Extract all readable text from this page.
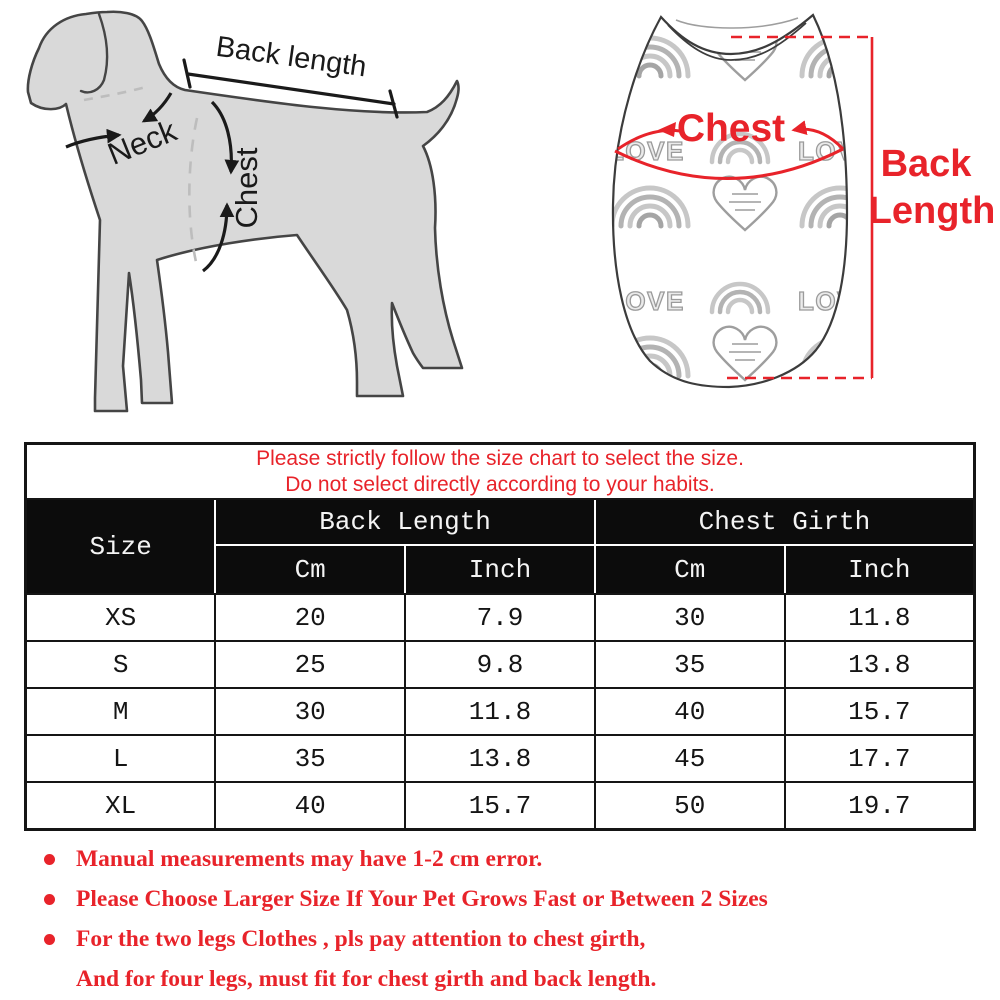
Back length
Neck
Chest
Chest
Back
Length
Please strictly follow the size chart to select the size.
Do not select directly according to your habits.				

Size	Back Length		Chest Girth	
	Cm	Inch	Cm	Inch
XS	20	7.9	30	11.8
S	25	9.8	35	13.8
M	30	11.8	40	15.7
L	35	13.8	45	17.7
XL	40	15.7	50	19.7
Manual measurements may have 1-2 cm error.
Please Choose Larger Size If Your Pet Grows Fast or Between 2 Sizes
For the two legs Clothes , pls pay attention to chest girth,
And for four legs, must fit for chest girth and back length.
